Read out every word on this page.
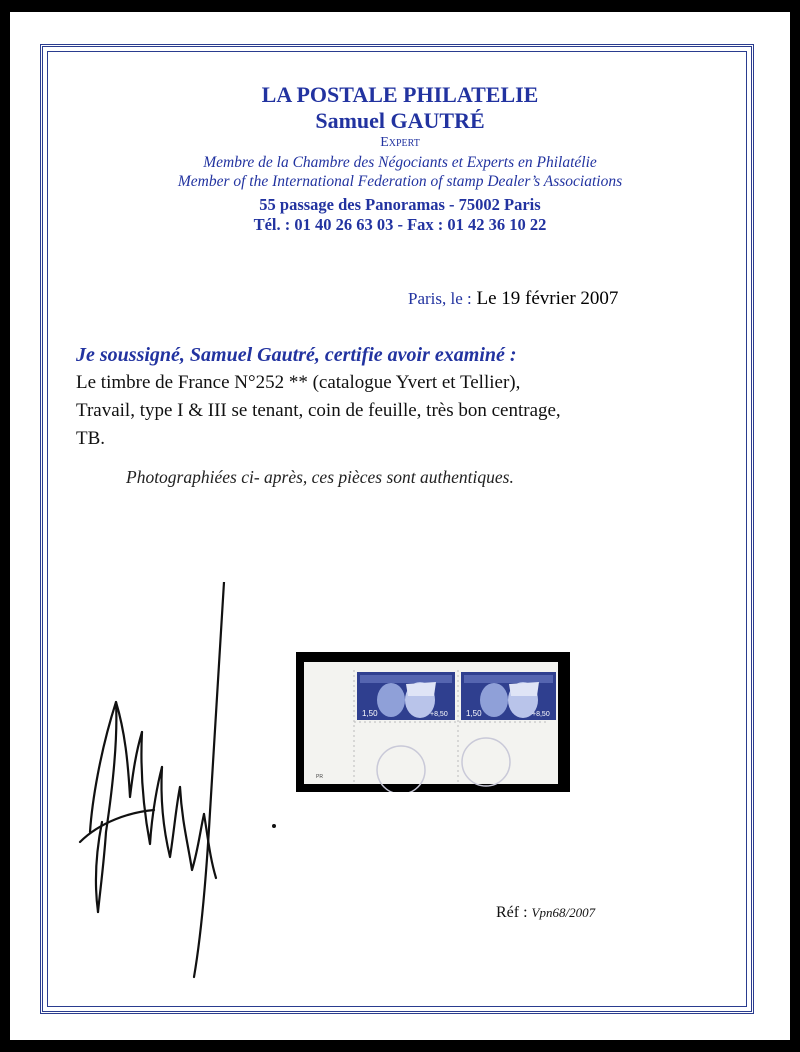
LA POSTALE PHILATELIE
Samuel GAUTRÉ
Expert
Membre de la Chambre des Négociants et Experts en Philatélie
Member of the International Federation of stamp Dealer’s Associations
55 passage des Panoramas - 75002 Paris
Tél. : 01 40 26 63 03 - Fax : 01 42 36 10 22
Paris, le : Le 19 février 2007
Je soussigné, Samuel Gautré, certifie avoir examiné :
Le timbre de France N°252 ** (catalogue Yvert et Tellier),
Travail, type I & III se tenant, coin de feuille, très bon centrage,
TB.
Photographiées ci- après, ces pièces sont authentiques.
1,50	+8,50 1,50	+8,50
PR
Réf : Vpn68/2007
